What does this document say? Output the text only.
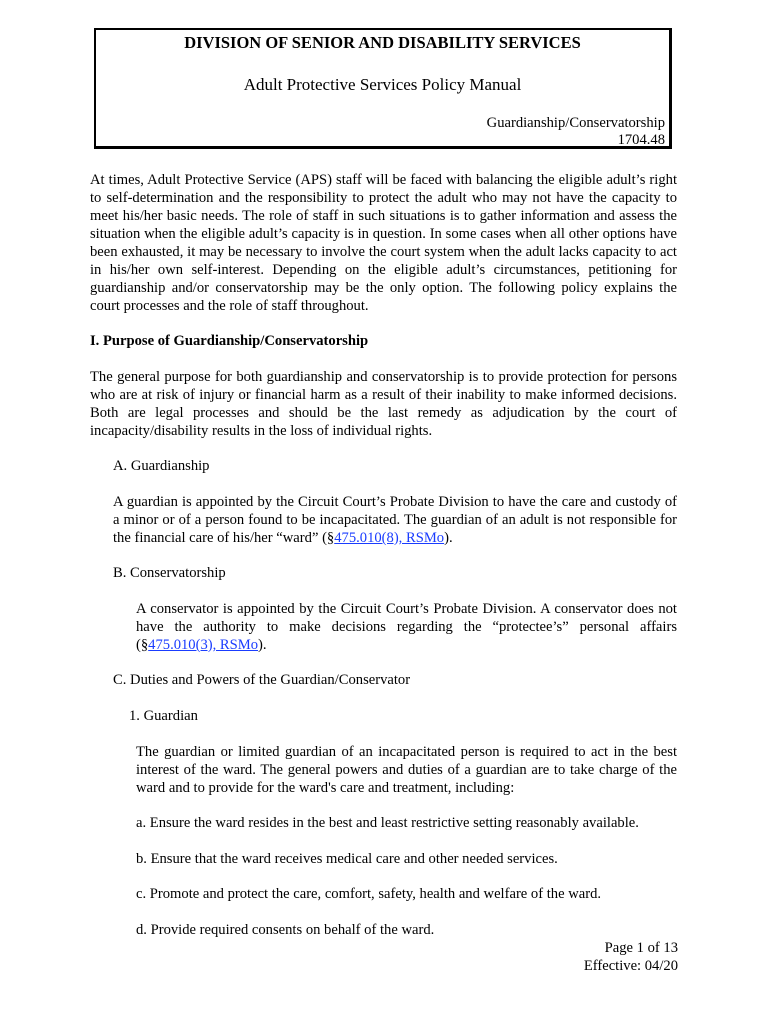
DIVISION OF SENIOR AND DISABILITY SERVICES
Adult Protective Services Policy Manual
Guardianship/Conservatorship
1704.48

At times, Adult Protective Service (APS) staff will be faced with balancing the eligible adult’s right to self-determination and the responsibility to protect the adult who may not have the capacity to meet his/her basic needs. The role of staff in such situations is to gather information and assess the situation when the eligible adult’s capacity is in question. In some cases when all other options have been exhausted, it may be necessary to involve the court system when the adult lacks capacity to act in his/her own self-interest. Depending on the eligible adult’s circumstances, petitioning for guardianship and/or conservatorship may be the only option. The following policy explains the court processes and the role of staff throughout.

I. Purpose of Guardianship/Conservatorship

The general purpose for both guardianship and conservatorship is to provide protection for persons who are at risk of injury or financial harm as a result of their inability to make informed decisions. Both are legal processes and should be the last remedy as adjudication by the court of incapacity/disability results in the loss of individual rights.

A. Guardianship

A guardian is appointed by the Circuit Court’s Probate Division to have the care and custody of a minor or of a person found to be incapacitated. The guardian of an adult is not responsible for the financial care of his/her “ward” (§475.010(8), RSMo).

B. Conservatorship

A conservator is appointed by the Circuit Court’s Probate Division. A conservator does not have the authority to make decisions regarding the “protectee’s” personal affairs (§475.010(3), RSMo).

C. Duties and Powers of the Guardian/Conservator

1. Guardian

The guardian or limited guardian of an incapacitated person is required to act in the best interest of the ward. The general powers and duties of a guardian are to take charge of the ward and to provide for the ward's care and treatment, including:

a. Ensure the ward resides in the best and least restrictive setting reasonably available.

b. Ensure that the ward receives medical care and other needed services.

c. Promote and protect the care, comfort, safety, health and welfare of the ward.

d. Provide required consents on behalf of the ward.

Page 1 of 13
Effective: 04/20
